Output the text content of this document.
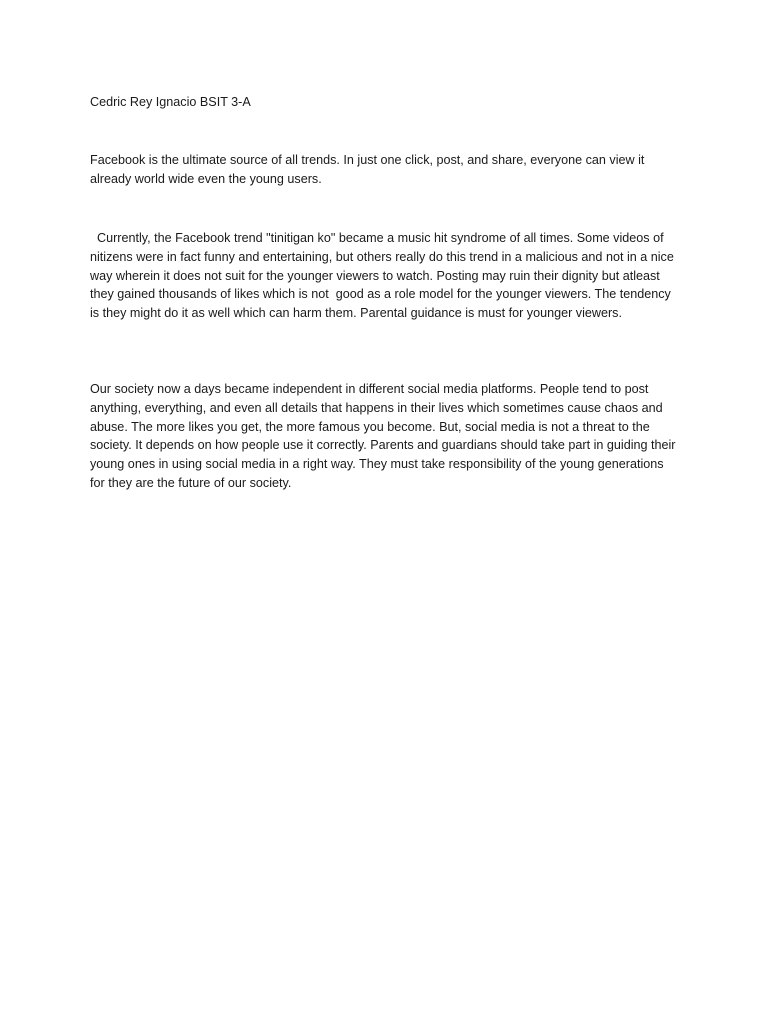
Cedric Rey Ignacio BSIT 3-A
Facebook is the ultimate source of all trends. In just one click, post, and share, everyone can view it already world wide even the young users.
Currently, the Facebook trend "tinitigan ko" became a music hit syndrome of all times. Some videos of nitizens were in fact funny and entertaining, but others really do this trend in a malicious and not in a nice way wherein it does not suit for the younger viewers to watch. Posting may ruin their dignity but atleast they gained thousands of likes which is not  good as a role model for the younger viewers. The tendency is they might do it as well which can harm them. Parental guidance is must for younger viewers.
Our society now a days became independent in different social media platforms. People tend to post anything, everything, and even all details that happens in their lives which sometimes cause chaos and abuse. The more likes you get, the more famous you become. But, social media is not a threat to the society. It depends on how people use it correctly. Parents and guardians should take part in guiding their young ones in using social media in a right way. They must take responsibility of the young generations for they are the future of our society.
